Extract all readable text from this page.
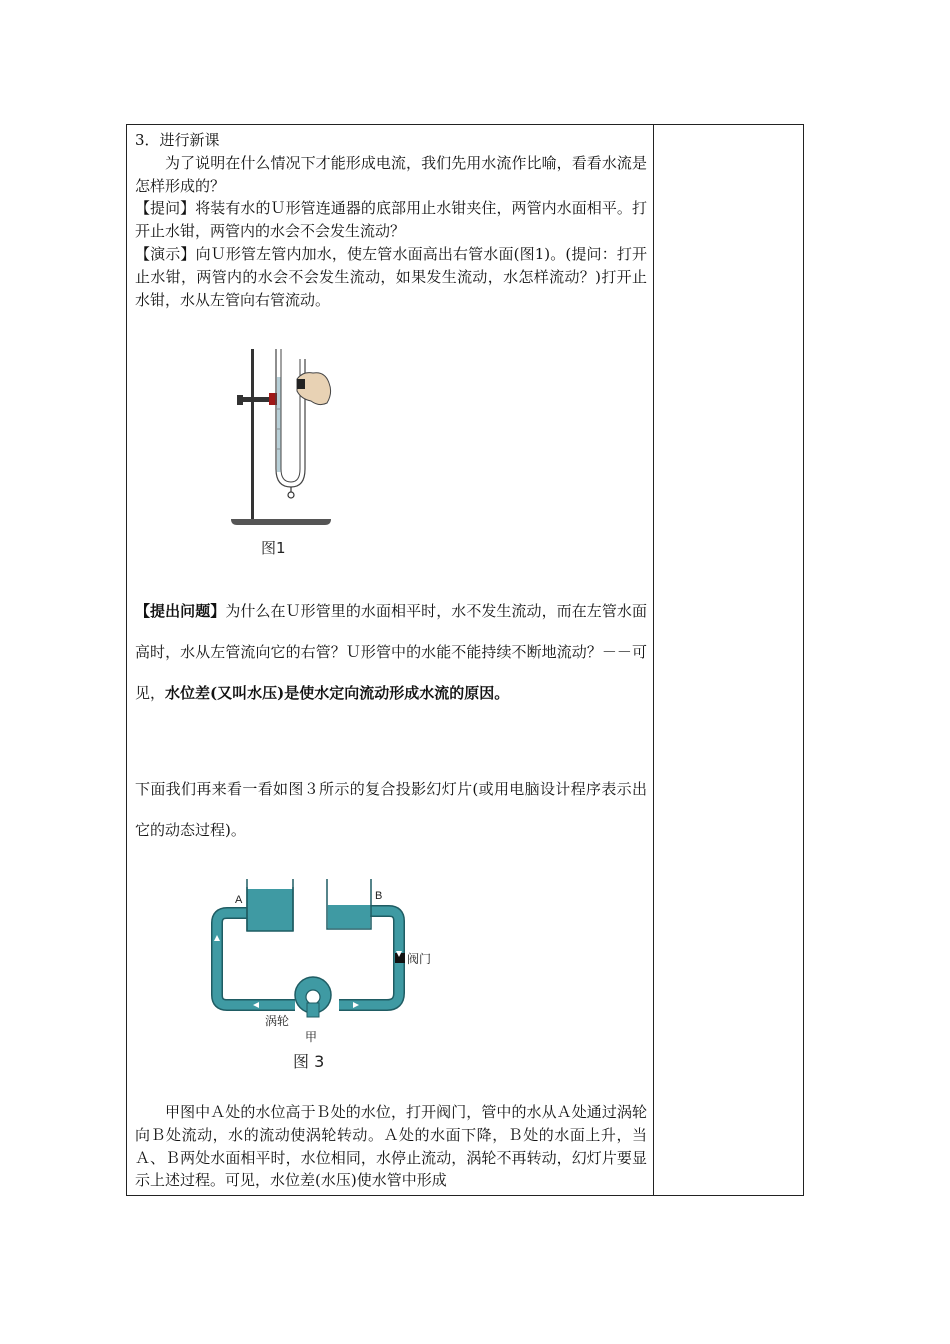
3．进行新课

为了说明在什么情况下才能形成电流，我们先用水流作比喻，看看水流是怎样形成的？

【提问】将装有水的Ｕ形管连通器的底部用止水钳夹住，两管内水面相平。打开止水钳，两管内的水会不会发生流动？

【演示】向Ｕ形管左管内加水，使左管水面高出右管水面(图1)。(提问：打开止水钳，两管内的水会不会发生流动，如果发生流动，水怎样流动？)打开止水钳，水从左管向右管流动。

图1

【提出问题】为什么在Ｕ形管里的水面相平时，水不发生流动，而在左管水面高时，水从左管流向它的右管？Ｕ形管中的水能不能持续不断地流动？－－可见，水位差(又叫水压)是使水定向流动形成水流的原因。

下面我们再来看一看如图３所示的复合投影幻灯片(或用电脑设计程序表示出它的动态过程)。

A	B
阀门
涡轮
甲
图 3

甲图中Ａ处的水位高于Ｂ处的水位，打开阀门，管中的水从Ａ处通过涡轮向Ｂ处流动，水的流动使涡轮转动。Ａ处的水面下降，Ｂ处的水面上升，当Ａ、Ｂ两处水面相平时，水位相同，水停止流动，涡轮不再转动，幻灯片要显示上述过程。可见，水位差(水压)使水管中形成
